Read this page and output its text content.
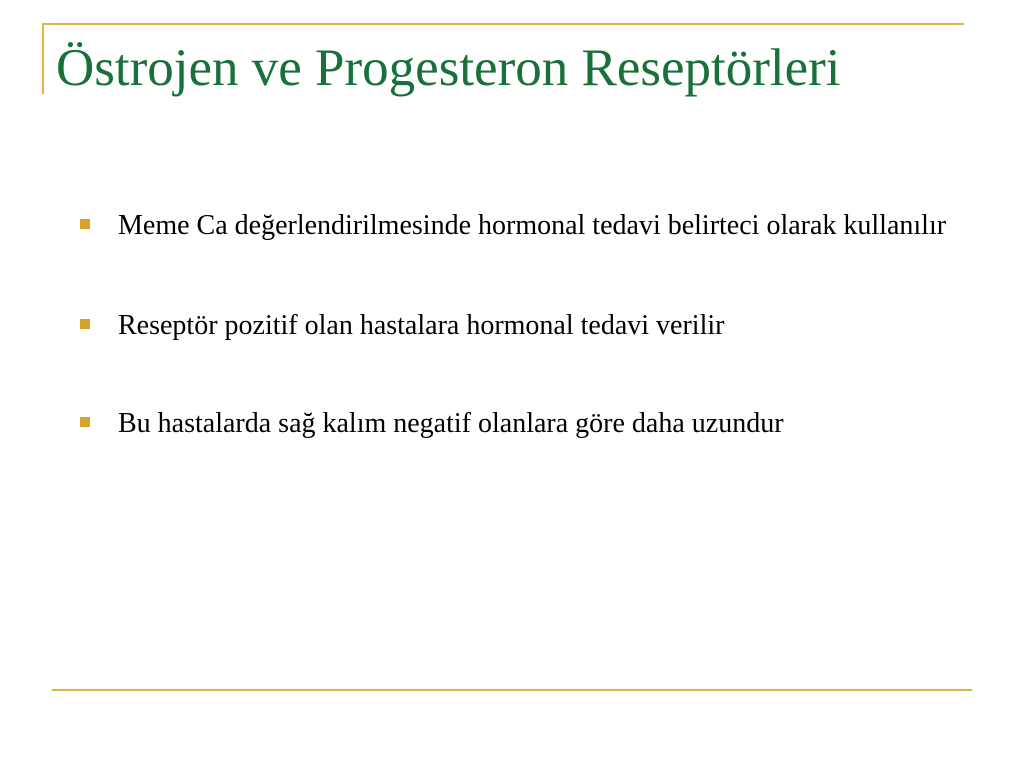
Östrojen ve Progesteron Reseptörleri
Meme Ca değerlendirilmesinde hormonal tedavi belirteci olarak kullanılır
Reseptör pozitif olan hastalara hormonal tedavi verilir
Bu hastalarda sağ kalım negatif olanlara göre daha uzundur
